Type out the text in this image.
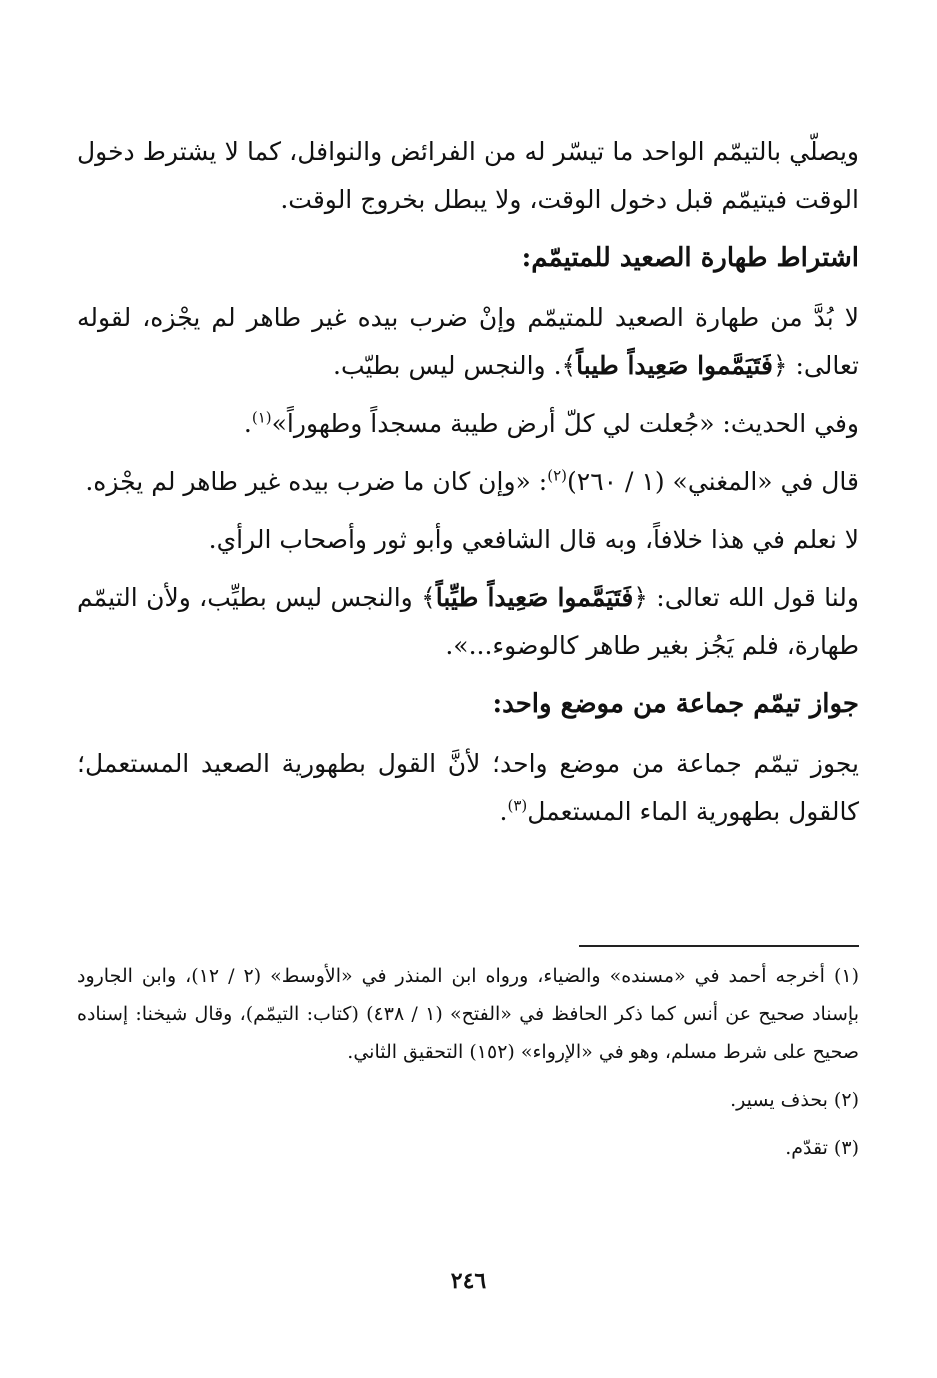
ويصلّي بالتيمّم الواحد ما تيسّر له من الفرائض والنوافل، كما لا يشترط دخول الوقت فيتيمّم قبل دخول الوقت، ولا يبطل بخروج الوقت.

اشتراط طهارة الصعيد للمتيمّم:

لا بُدَّ من طهارة الصعيد للمتيمّم وإنْ ضرب بيده غير طاهر لم يجْزه، لقوله تعالى: ﴿فَتَيَمَّموا صَعِيداً طيباً﴾. والنجس ليس بطيّب.

وفي الحديث: «جُعلت لي كلّ أرض طيبة مسجداً وطهوراً»$^{(١)}$.

قال في «المغني» (١ / ٢٦٠)$^{(٢)}$: «وإن كان ما ضرب بيده غير طاهر لم يجْزه.

لا نعلم في هذا خلافاً، وبه قال الشافعي وأبو ثور وأصحاب الرأي.

ولنا قول الله تعالى: ﴿فَتَيَمَّموا صَعِيداً طيِّباً﴾ والنجس ليس بطيِّب، ولأن التيمّم طهارة، فلم يَجُز بغير طاهر كالوضوء...».

جواز تيمّم جماعة من موضع واحد:

يجوز تيمّم جماعة من موضع واحد؛ لأنَّ القول بطهورية الصعيد المستعمل؛ كالقول بطهورية الماء المستعمل$^{(٣)}$.

(١) أخرجه أحمد في «مسنده» والضياء، ورواه ابن المنذر في «الأوسط» (٢ / ١٢)، وابن الجارود بإسناد صحيح عن أنس كما ذكر الحافظ في «الفتح» (١ / ٤٣٨) (كتاب: التيمّم)، وقال شيخنا: إسناده صحيح على شرط مسلم، وهو في «الإرواء» (١٥٢) التحقيق الثاني.

(٢) بحذف يسير.

(٣) تقدّم.

٢٤٦
